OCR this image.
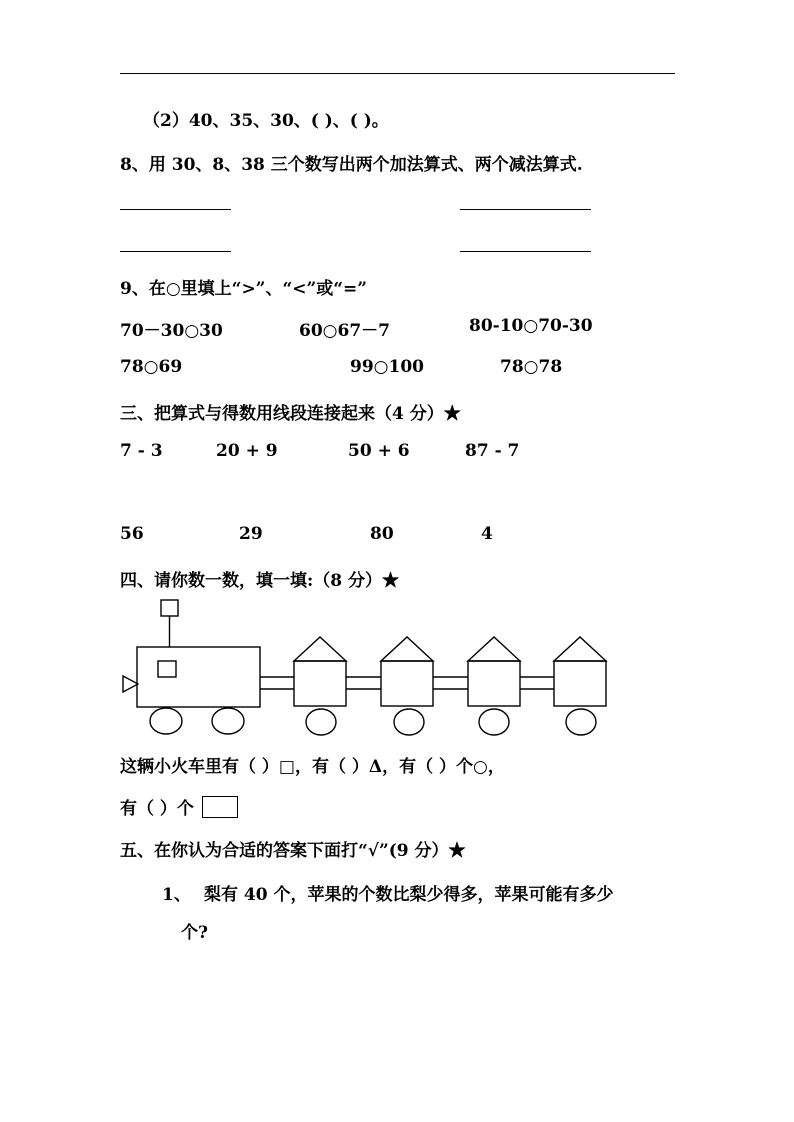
（2）40、35、30、( )、( )。
8、用 30、8、38 三个数写出两个加法算式、两个减法算式.
9、在○里填上“>”、“<”或“=”
70－30○30	60○67－7	80-10○70-30
78○69	99○100	78○78
三、把算式与得数用线段连接起来（4 分）★
7 - 3	20 + 9	50 + 6	87 - 7
56	29	80	4
四、请你数一数，填一填:（8 分）★
这辆小火车里有（ ）□，有（ ）Δ，有（ ）个○，
有（ ）个
五、在你认为合适的答案下面打“√”(9 分）★
1、 梨有 40 个，苹果的个数比梨少得多，苹果可能有多少
个?
